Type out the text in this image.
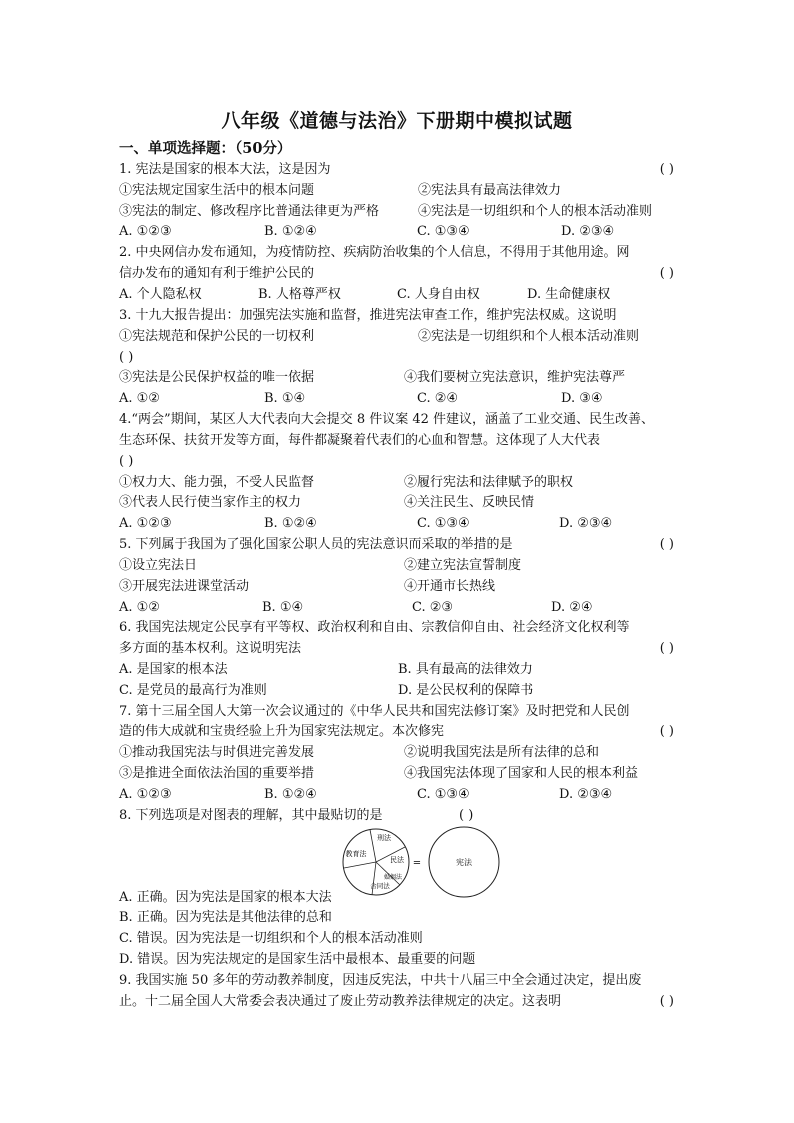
八年级《道德与法治》下册期中模拟试题
一、单项选择题：（50分）
1. 宪法是国家的根本大法，这是因为	( )
①宪法规定国家生活中的根本问题	②宪法具有最高法律效力
③宪法的制定、修改程序比普通法律更为严格	④宪法是一切组织和个人的根本活动准则
A. ①②③	B. ①②④	C. ①③④	D. ②③④
2. 中央网信办发布通知，为疫情防控、疾病防治收集的个人信息，不得用于其他用途。网
信办发布的通知有利于维护公民的	( )
A. 个人隐私权	B. 人格尊严权	C. 人身自由权	D. 生命健康权
3. 十九大报告提出：加强宪法实施和监督，推进宪法审查工作，维护宪法权威。这说明
①宪法规范和保护公民的一切权利	②宪法是一切组织和个人根本活动准则
( )
③宪法是公民保护权益的唯一依据	④我们要树立宪法意识，维护宪法尊严
A. ①②	B. ①④	C. ②④	D. ③④
4.“两会”期间，某区人大代表向大会提交 8 件议案 42 件建议，涵盖了工业交通、民生改善、
生态环保、扶贫开发等方面，每件都凝聚着代表们的心血和智慧。这体现了人大代表
( )
①权力大、能力强，不受人民监督	②履行宪法和法律赋予的职权
③代表人民行使当家作主的权力	④关注民生、反映民情
A. ①②③	B. ①②④	C. ①③④	D. ②③④
5. 下列属于我国为了强化国家公职人员的宪法意识而采取的举措的是	( )
①设立宪法日	②建立宪法宣誓制度
③开展宪法进课堂活动	④开通市长热线
A. ①②	B. ①④	C. ②③	D. ②④
6. 我国宪法规定公民享有平等权、政治权利和自由、宗教信仰自由、社会经济文化权利等
多方面的基本权利。这说明宪法	( )
A. 是国家的根本法	B. 具有最高的法律效力
C. 是党员的最高行为准则	D. 是公民权利的保障书
7. 第十三届全国人大第一次会议通过的《中华人民共和国宪法修订案》及时把党和人民创
造的伟大成就和宝贵经验上升为国家宪法规定。本次修宪	( )
①推动我国宪法与时俱进完善发展	②说明我国宪法是所有法律的总和
③是推进全面依法治国的重要举措	④我国宪法体现了国家和人民的根本利益
A. ①②③	B. ①②④	C. ①③④	D. ②③④
8. 下列选项是对图表的理解，其中最贴切的是	( )
刑法
民法
婚姻法
合同法
教育法
=	宪法
A. 正确。因为宪法是国家的根本大法
B. 正确。因为宪法是其他法律的总和
C. 错误。因为宪法是一切组织和个人的根本活动准则
D. 错误。因为宪法规定的是国家生活中最根本、最重要的问题
9. 我国实施 50 多年的劳动教养制度，因违反宪法，中共十八届三中全会通过决定，提出废
止。十二届全国人大常委会表决通过了废止劳动教养法律规定的决定。这表明	( )
